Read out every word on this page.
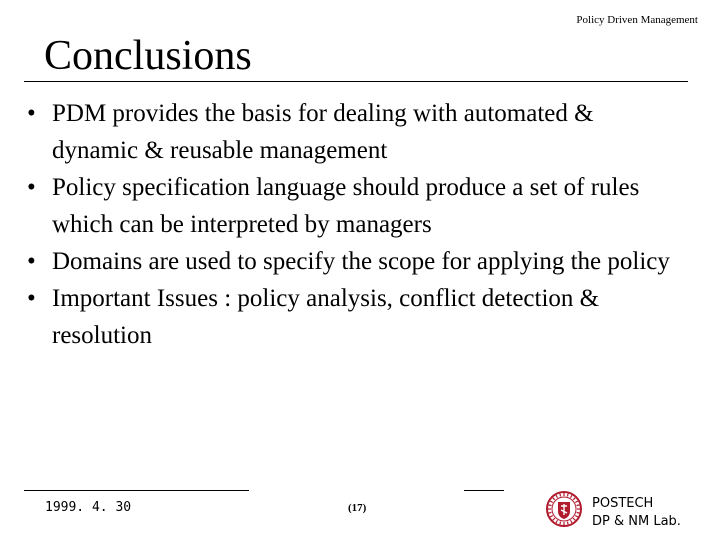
Policy Driven Management
Conclusions
• PDM provides the basis for dealing with automated & dynamic & reusable management
• Policy specification language should produce a set of rules which can be interpreted by managers
• Domains are used to specify the scope for applying the policy
• Important Issues : policy analysis, conflict detection & resolution
1999. 4. 30	(17)	POSTECH
DP & NM Lab.
